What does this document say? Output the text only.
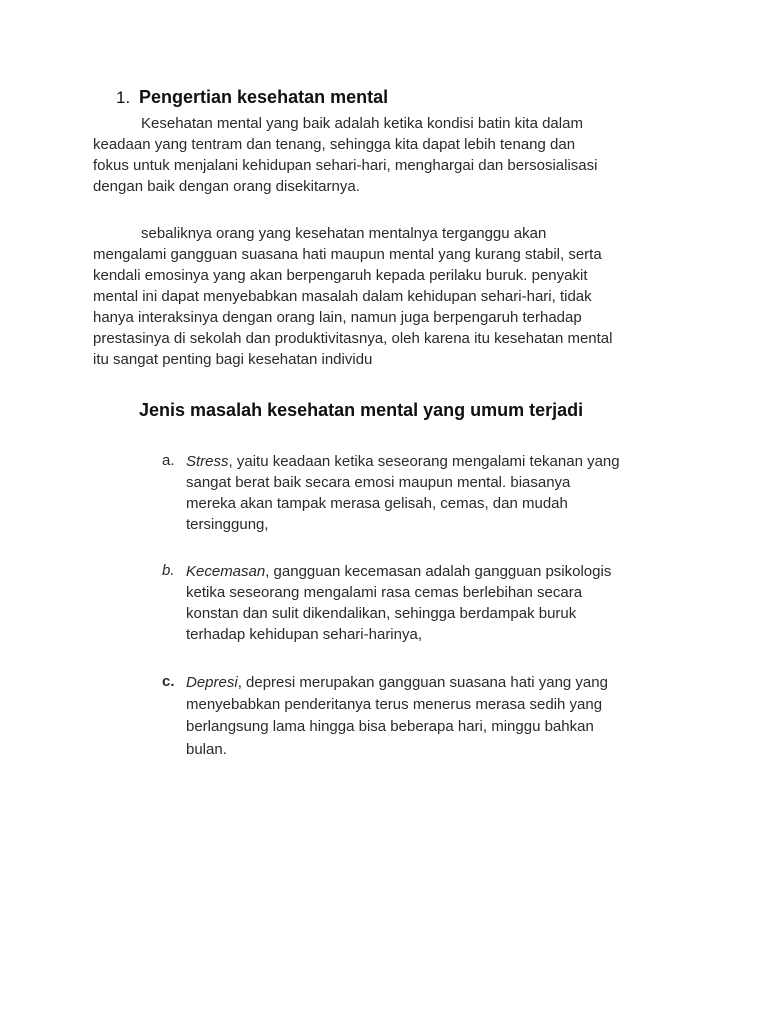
1. Pengertian kesehatan mental
Kesehatan mental yang baik adalah ketika kondisi batin kita dalam
keadaan yang tentram dan tenang, sehingga kita dapat lebih tenang dan
fokus untuk menjalani kehidupan sehari-hari, menghargai dan bersosialisasi
dengan baik dengan orang disekitarnya.
sebaliknya orang yang kesehatan mentalnya terganggu akan
mengalami gangguan suasana hati maupun mental yang kurang stabil, serta
kendali emosinya yang akan berpengaruh kepada perilaku buruk. penyakit
mental ini dapat menyebabkan masalah dalam kehidupan sehari-hari, tidak
hanya interaksinya dengan orang lain, namun juga berpengaruh terhadap
prestasinya di sekolah dan produktivitasnya, oleh karena itu kesehatan mental
itu sangat penting bagi kesehatan individu
Jenis masalah kesehatan mental yang umum terjadi
a. Stress, yaitu keadaan ketika seseorang mengalami tekanan yang
sangat berat baik secara emosi maupun mental. biasanya
mereka akan tampak merasa gelisah, cemas, dan mudah
tersinggung,
b. Kecemasan, gangguan kecemasan adalah gangguan psikologis
ketika seseorang mengalami rasa cemas berlebihan secara
konstan dan sulit dikendalikan, sehingga berdampak buruk
terhadap kehidupan sehari-harinya,
c. Depresi, depresi merupakan gangguan suasana hati yang yang
menyebabkan penderitanya terus menerus merasa sedih yang
berlangsung lama hingga bisa beberapa hari, minggu bahkan
bulan.
